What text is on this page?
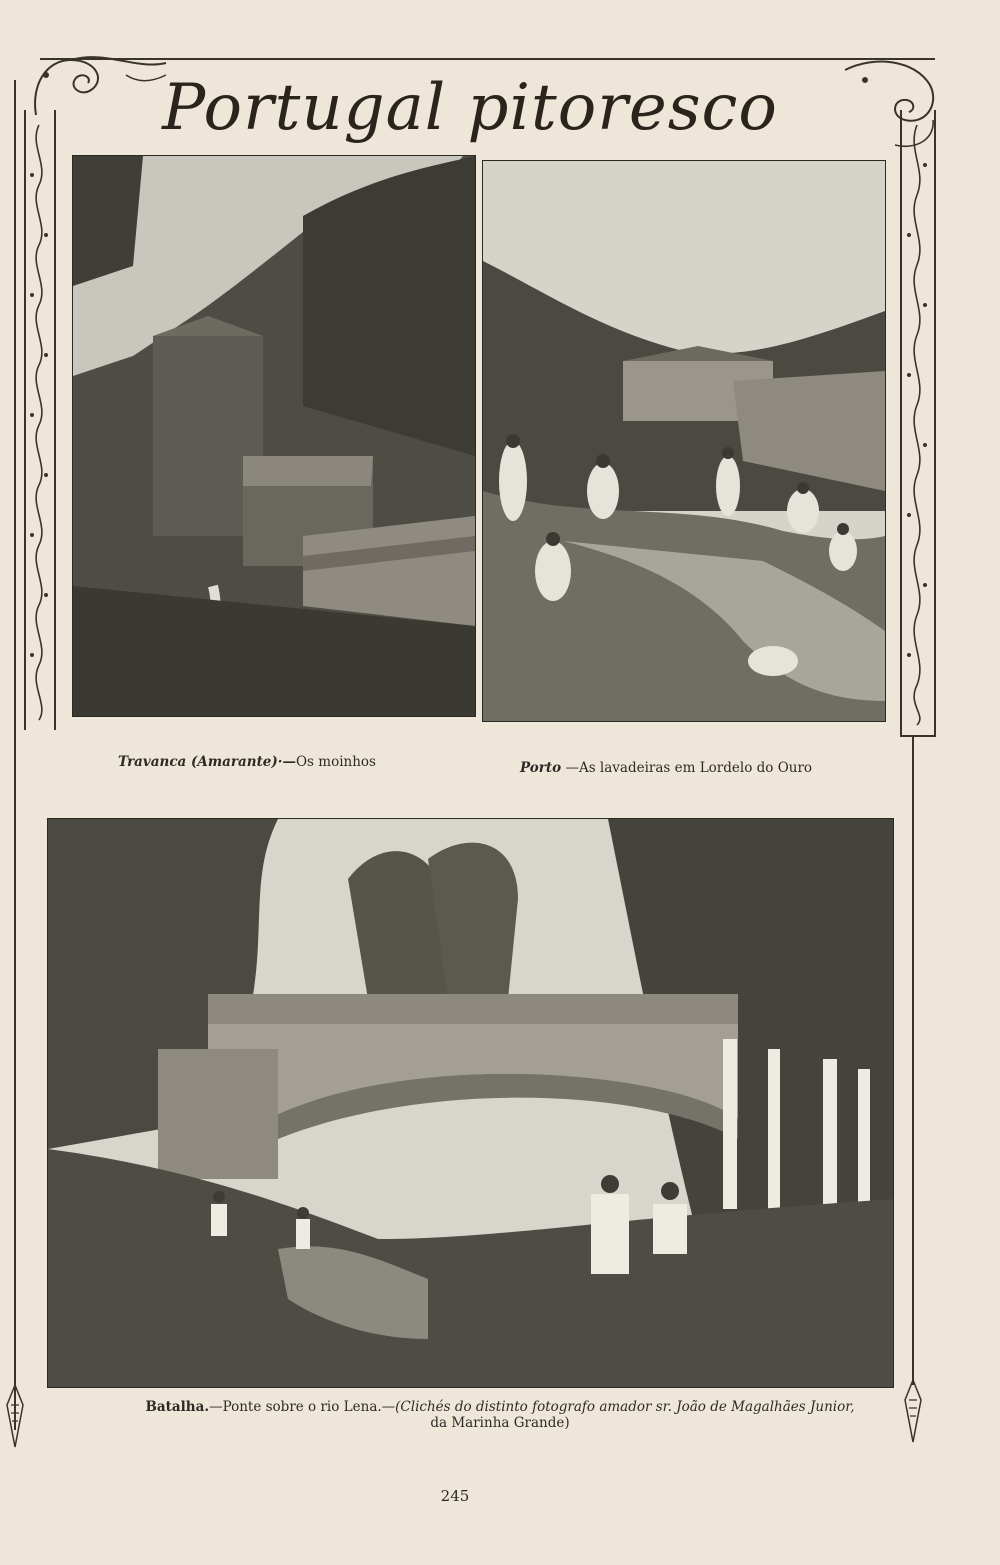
Portugal pitoresco
Travanca (Amarante)·—Os moinhos	Porto —As lavadeiras em Lordelo do Ouro
Batalha.—Ponte sobre o rio Lena.—(Clichés do distinto fotografo amador sr. João de Magalhães Junior,
da Marinha Grande)
245
